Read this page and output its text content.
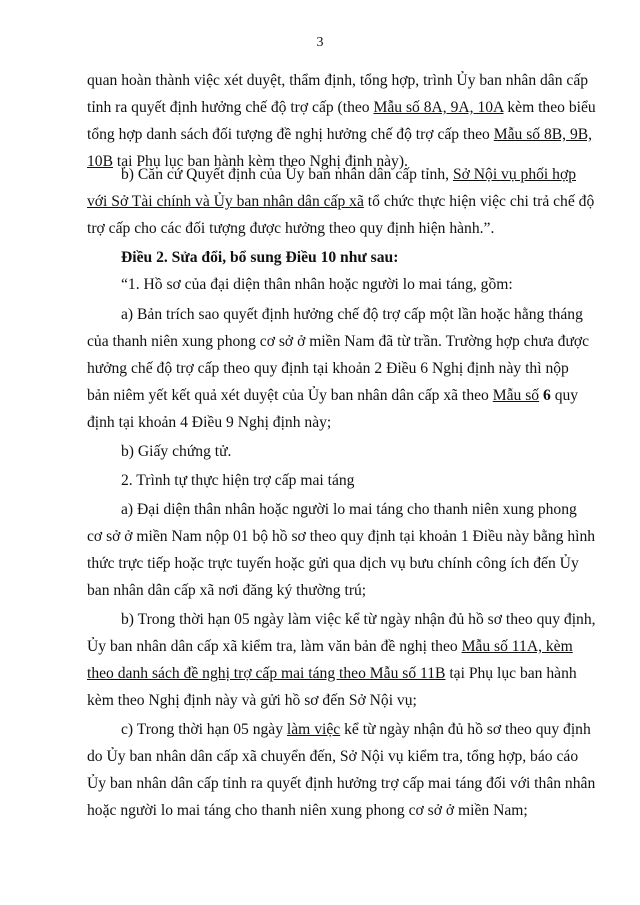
3
quan hoàn thành việc xét duyệt, thẩm định, tổng hợp, trình Ủy ban nhân dân cấp
tỉnh ra quyết định hưởng chế độ trợ cấp (theo Mẫu số 8A, 9A, 10A kèm theo biểu
tổng hợp danh sách đối tượng đề nghị hưởng chế độ trợ cấp theo Mẫu số 8B, 9B,
10B tại Phụ lục ban hành kèm theo Nghị định này).
b) Căn cứ Quyết định của Ủy ban nhân dân cấp tỉnh, Sở Nội vụ phối hợp
với Sở Tài chính và Ủy ban nhân dân cấp xã tổ chức thực hiện việc chi trả chế độ
trợ cấp cho các đối tượng được hưởng theo quy định hiện hành.”.
Điều 2. Sửa đổi, bổ sung Điều 10 như sau:
“1. Hồ sơ của đại diện thân nhân hoặc người lo mai táng, gồm:
a) Bản trích sao quyết định hưởng chế độ trợ cấp một lần hoặc hằng tháng
của thanh niên xung phong cơ sở ở miền Nam đã từ trần. Trường hợp chưa được
hưởng chế độ trợ cấp theo quy định tại khoản 2 Điều 6 Nghị định này thì nộp
bản niêm yết kết quả xét duyệt của Ủy ban nhân dân cấp xã theo Mẫu số 6 quy
định tại khoản 4 Điều 9 Nghị định này;
b) Giấy chứng tử.
2. Trình tự thực hiện trợ cấp mai táng
a) Đại diện thân nhân hoặc người lo mai táng cho thanh niên xung phong
cơ sở ở miền Nam nộp 01 bộ hồ sơ theo quy định tại khoản 1 Điều này bằng hình
thức trực tiếp hoặc trực tuyến hoặc gửi qua dịch vụ bưu chính công ích đến Ủy
ban nhân dân cấp xã nơi đăng ký thường trú;
b) Trong thời hạn 05 ngày làm việc kể từ ngày nhận đủ hồ sơ theo quy định,
Ủy ban nhân dân cấp xã kiểm tra, làm văn bản đề nghị theo Mẫu số 11A, kèm
theo danh sách đề nghị trợ cấp mai táng theo Mẫu số 11B tại Phụ lục ban hành
kèm theo Nghị định này và gửi hồ sơ đến Sở Nội vụ;
c) Trong thời hạn 05 ngày làm việc kể từ ngày nhận đủ hồ sơ theo quy định
do Ủy ban nhân dân cấp xã chuyển đến, Sở Nội vụ kiểm tra, tổng hợp, báo cáo
Ủy ban nhân dân cấp tỉnh ra quyết định hưởng trợ cấp mai táng đối với thân nhân
hoặc người lo mai táng cho thanh niên xung phong cơ sở ở miền Nam;
